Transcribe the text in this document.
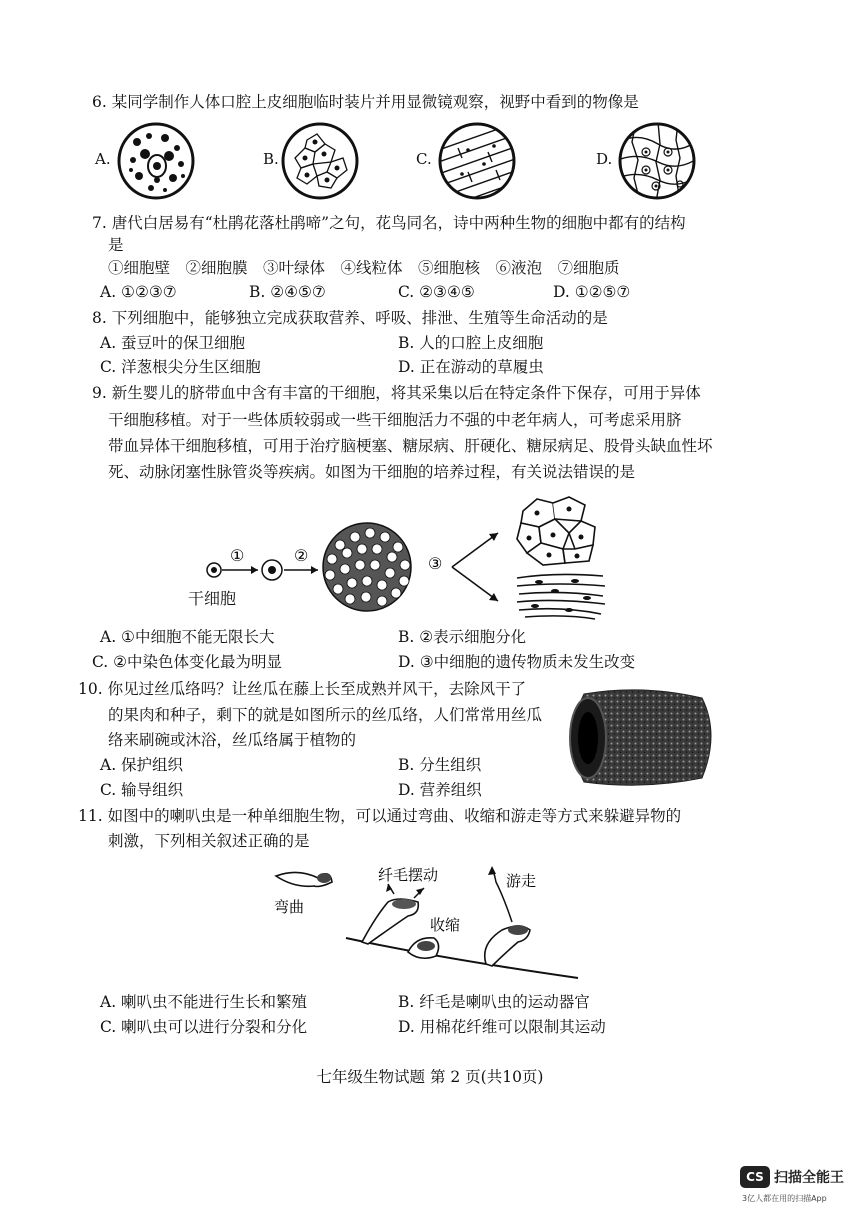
6. 某同学制作人体口腔上皮细胞临时装片并用显微镜观察，视野中看到的物像是
A.	B.	C.	D.
7. 唐代白居易有“杜鹃花落杜鹃啼”之句，花鸟同名，诗中两种生物的细胞中都有的结构
是
①细胞壁　②细胞膜　③叶绿体　④线粒体　⑤细胞核　⑥液泡　⑦细胞质
A. ①②③⑦	B. ②④⑤⑦	C. ②③④⑤	D. ①②⑤⑦
8. 下列细胞中，能够独立完成获取营养、呼吸、排泄、生殖等生命活动的是
A. 蚕豆叶的保卫细胞	B. 人的口腔上皮细胞
C. 洋葱根尖分生区细胞	D. 正在游动的草履虫
9. 新生婴儿的脐带血中含有丰富的干细胞，将其采集以后在特定条件下保存，可用于异体
干细胞移植。对于一些体质较弱或一些干细胞活力不强的中老年病人，可考虑采用脐
带血异体干细胞移植，可用于治疗脑梗塞、糖尿病、肝硬化、糖尿病足、股骨头缺血性坏
死、动脉闭塞性脉管炎等疾病。如图为干细胞的培养过程，有关说法错误的是
①	②	③
干细胞
A. ①中细胞不能无限长大	B. ②表示细胞分化
C. ②中染色体变化最为明显	D. ③中细胞的遗传物质未发生改变
10. 你见过丝瓜络吗？让丝瓜在藤上长至成熟并风干，去除风干了
的果肉和种子，剩下的就是如图所示的丝瓜络，人们常常用丝瓜
络来刷碗或沐浴，丝瓜络属于植物的
A. 保护组织	B. 分生组织
C. 输导组织	D. 营养组织
11. 如图中的喇叭虫是一种单细胞生物，可以通过弯曲、收缩和游走等方式来躲避异物的
刺激，下列相关叙述正确的是
弯曲
纤毛摆动
收缩
游走
A. 喇叭虫不能进行生长和繁殖	B. 纤毛是喇叭虫的运动器官
C. 喇叭虫可以进行分裂和分化	D. 用棉花纤维可以限制其运动
七年级生物试题 第 2 页(共10页)
CS 扫描全能王
3亿人都在用的扫描App
